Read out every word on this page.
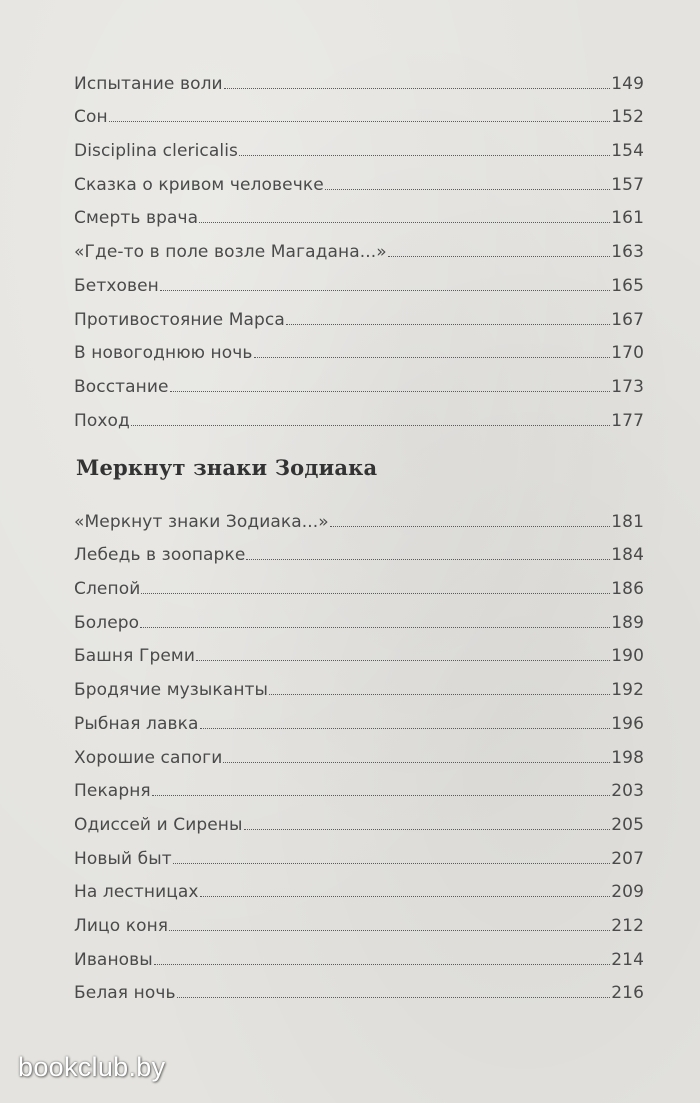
Испытание воли	149
Сон	152
Disciplina clericalis	154
Сказка о кривом человечке	157
Смерть врача	161
«Где-то в поле возле Магадана...»	163
Бетховен	165
Противостояние Марса	167
В новогоднюю ночь	170
Восстание	173
Поход	177
Меркнут знаки Зодиака
«Меркнут знаки Зодиака...»	181
Лебедь в зоопарке	184
Слепой	186
Болеро	189
Башня Греми	190
Бродячие музыканты	192
Рыбная лавка	196
Хорошие сапоги	198
Пекарня	203
Одиссей и Сирены	205
Новый быт	207
На лестницах	209
Лицо коня	212
Ивановы	214
Белая ночь	216
bookclub.by
